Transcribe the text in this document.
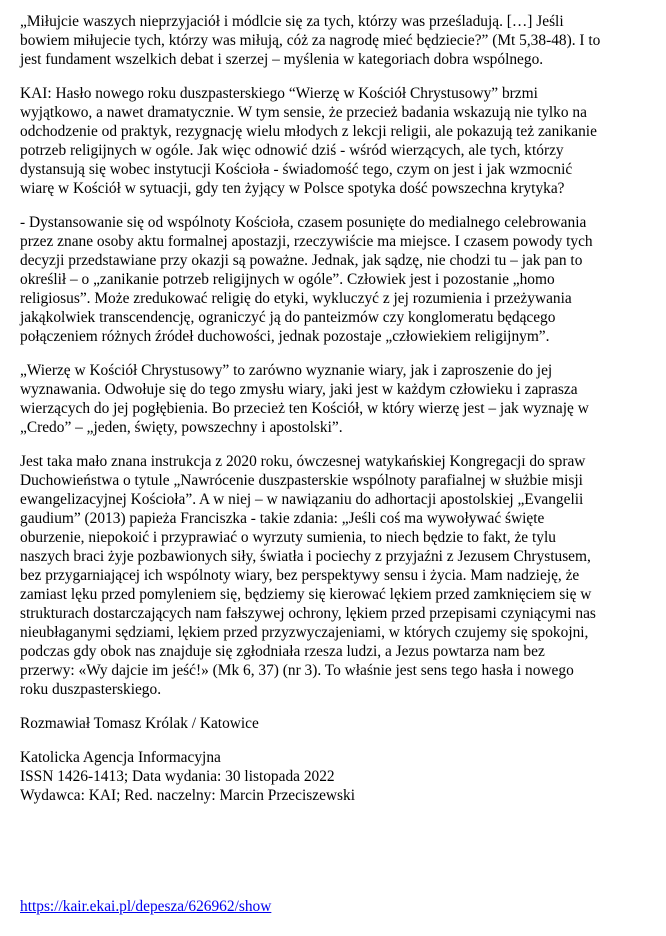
„Miłujcie waszych nieprzyjaciół i módlcie się za tych, którzy was prześladują. […] Jeśli
bowiem miłujecie tych, którzy was miłują, cóż za nagrodę mieć będziecie?” (Mt 5,38-48). I to
jest fundament wszelkich debat i szerzej – myślenia w kategoriach dobra wspólnego.

KAI: Hasło nowego roku duszpasterskiego “Wierzę w Kościół Chrystusowy” brzmi
wyjątkowo, a nawet dramatycznie. W tym sensie, że przecież badania wskazują nie tylko na
odchodzenie od praktyk, rezygnację wielu młodych z lekcji religii, ale pokazują też zanikanie
potrzeb religijnych w ogóle. Jak więc odnowić dziś - wśród wierzących, ale tych, którzy
dystansują się wobec instytucji Kościoła - świadomość tego, czym on jest i jak wzmocnić
wiarę w Kościół w sytuacji, gdy ten żyjący w Polsce spotyka dość powszechna krytyka?

- Dystansowanie się od wspólnoty Kościoła, czasem posunięte do medialnego celebrowania
przez znane osoby aktu formalnej apostazji, rzeczywiście ma miejsce. I czasem powody tych
decyzji przedstawiane przy okazji są poważne. Jednak, jak sądzę, nie chodzi tu – jak pan to
określił – o „zanikanie potrzeb religijnych w ogóle”. Człowiek jest i pozostanie „homo
religiosus”. Może zredukować religię do etyki, wykluczyć z jej rozumienia i przeżywania
jakąkolwiek transcendencję, ograniczyć ją do panteizmów czy konglomeratu będącego
połączeniem różnych źródeł duchowości, jednak pozostaje „człowiekiem religijnym”.

„Wierzę w Kościół Chrystusowy” to zarówno wyznanie wiary, jak i zaproszenie do jej
wyznawania. Odwołuje się do tego zmysłu wiary, jaki jest w każdym człowieku i zaprasza
wierzących do jej pogłębienia. Bo przecież ten Kościół, w który wierzę jest – jak wyznaję w
„Credo” – „jeden, święty, powszechny i apostolski”.

Jest taka mało znana instrukcja z 2020 roku, ówczesnej watykańskiej Kongregacji do spraw
Duchowieństwa o tytule „Nawrócenie duszpasterskie wspólnoty parafialnej w służbie misji
ewangelizacyjnej Kościoła”. A w niej – w nawiązaniu do adhortacji apostolskiej „Evangelii
gaudium” (2013) papieża Franciszka - takie zdania: „Jeśli coś ma wywoływać święte
oburzenie, niepokoić i przyprawiać o wyrzuty sumienia, to niech będzie to fakt, że tylu
naszych braci żyje pozbawionych siły, światła i pociechy z przyjaźni z Jezusem Chrystusem,
bez przygarniającej ich wspólnoty wiary, bez perspektywy sensu i życia. Mam nadzieję, że
zamiast lęku przed pomyleniem się, będziemy się kierować lękiem przed zamknięciem się w
strukturach dostarczających nam fałszywej ochrony, lękiem przed przepisami czyniącymi nas
nieubłaganymi sędziami, lękiem przed przyzwyczajeniami, w których czujemy się spokojni,
podczas gdy obok nas znajduje się zgłodniała rzesza ludzi, a Jezus powtarza nam bez
przerwy: «Wy dajcie im jeść!» (Mk 6, 37) (nr 3). To właśnie jest sens tego hasła i nowego
roku duszpasterskiego.

Rozmawiał Tomasz Królak / Katowice

Katolicka Agencja Informacyjna
ISSN 1426-1413; Data wydania: 30 listopada 2022
Wydawca: KAI; Red. naczelny: Marcin Przeciszewski
https://kair.ekai.pl/depesza/626962/show
